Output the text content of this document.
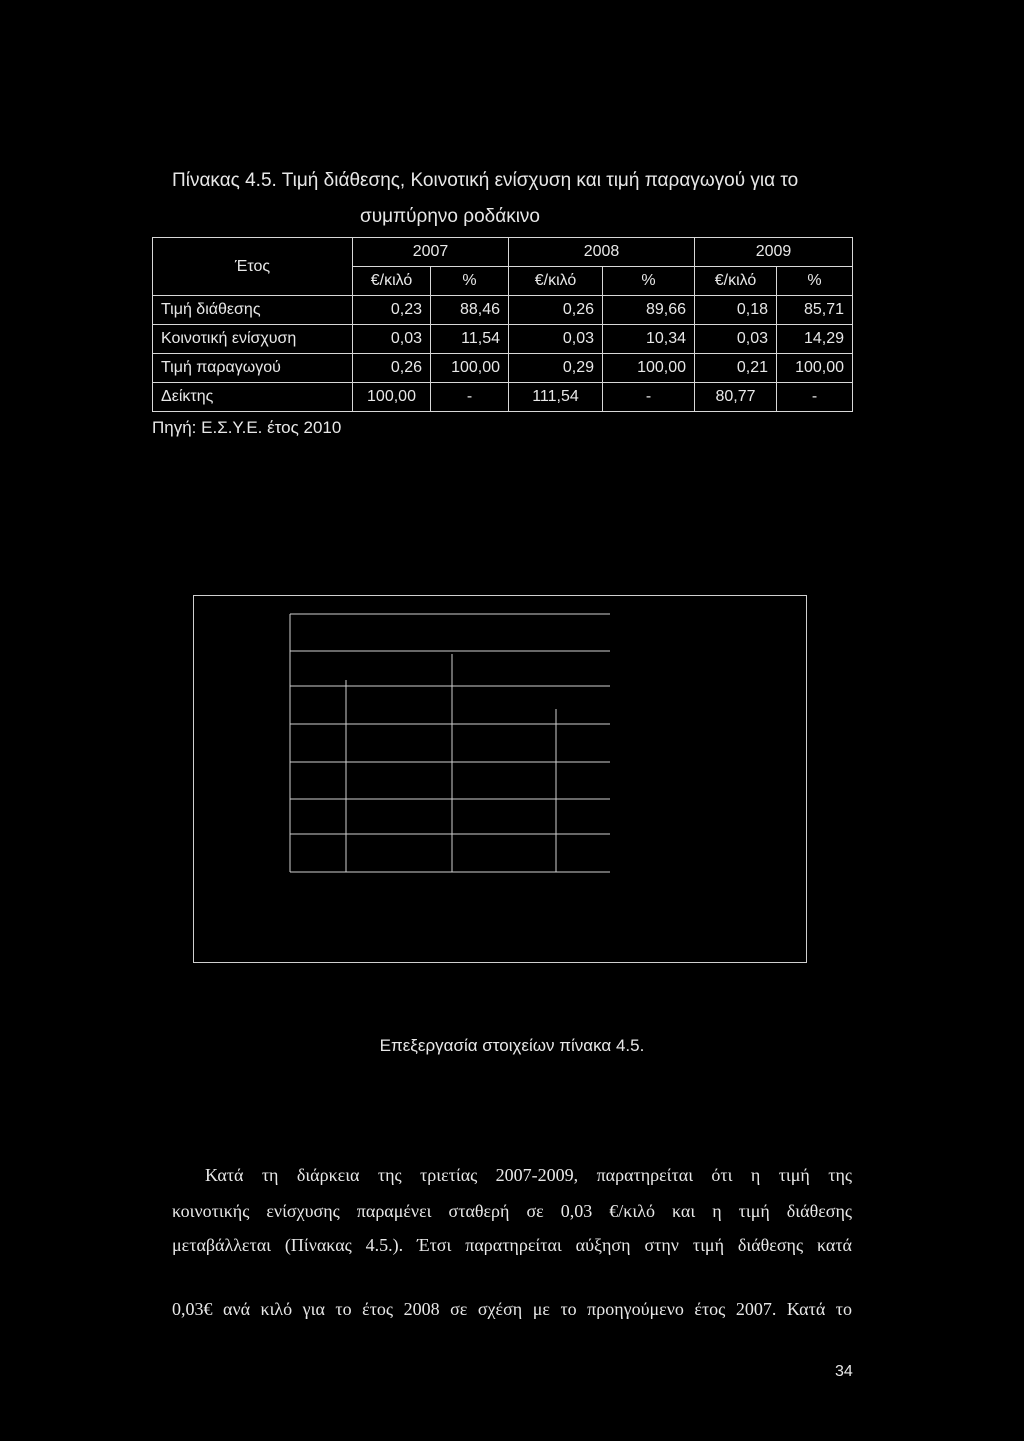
Πίνακας 4.5. Τιμή διάθεσης, Κοινοτική ενίσχυση και τιμή παραγωγού για το
συμπύρηνο ροδάκινο
Έτος	2007		2008		2009	
	€/κιλό	%	€/κιλό	%	€/κιλό	%
Τιμή διάθεσης	0,23	88,46	0,26	89,66	0,18	85,71
Κοινοτική ενίσχυση	0,03	11,54	0,03	10,34	0,03	14,29
Τιμή παραγωγού	0,26	100,00	0,29	100,00	0,21	100,00
Δείκτης	100,00	-	111,54	-	80,77	-
Πηγή: Ε.Σ.Υ.Ε. έτος 2010
Επεξεργασία στοιχείων πίνακα 4.5.
Κατά τη διάρκεια της τριετίας 2007-2009, παρατηρείται ότι η τιμή της
κοινοτικής ενίσχυσης παραμένει σταθερή σε 0,03 €/κιλό και η τιμή διάθεσης
μεταβάλλεται (Πίνακας 4.5.). Έτσι παρατηρείται αύξηση στην τιμή διάθεσης κατά
0,03€ ανά κιλό για το έτος 2008 σε σχέση με το προηγούμενο έτος 2007. Κατά το
34
